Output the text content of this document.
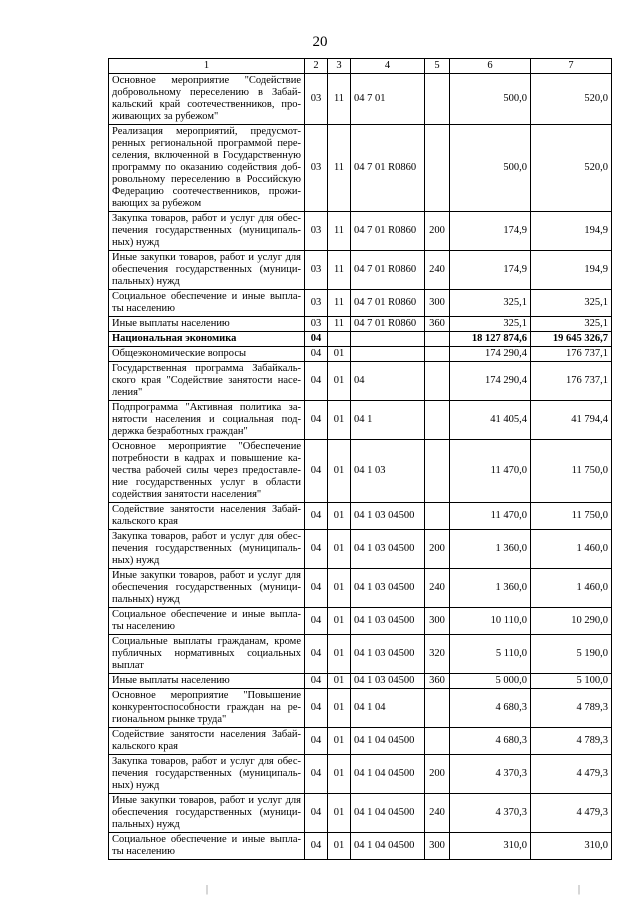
20
1	2	3	4	5	6	7
Основное мероприятие "Содействие добровольному переселению в Забай-кальский край соотечественников, про-живающих за рубежом"	03	11	04 7 01		500,0	520,0
Реализация мероприятий, предусмот-ренных региональной программой пере-селения, включенной в Государственную программу по оказанию содействия доб-ровольному переселению в Российскую Федерацию соотечественников, прожи-вающих за рубежом	03	11	04 7 01 R0860		500,0	520,0
Закупка товаров, работ и услуг для обес-печения государственных (муниципаль-ных) нужд	03	11	04 7 01 R0860	200	174,9	194,9
Иные закупки товаров, работ и услуг для обеспечения государственных (муници-пальных) нужд	03	11	04 7 01 R0860	240	174,9	194,9
Социальное обеспечение и иные выпла-ты населению	03	11	04 7 01 R0860	300	325,1	325,1
Иные выплаты населению	03	11	04 7 01 R0860	360	325,1	325,1
Национальная экономика	04				18 127 874,6	19 645 326,7
Общеэкономические вопросы	04	01			174 290,4	176 737,1
Государственная программа Забайкаль-ского края "Содействие занятости насе-ления"	04	01	04		174 290,4	176 737,1
Подпрограмма "Активная политика за-нятости населения и социальная под-держка безработных граждан"	04	01	04 1		41 405,4	41 794,4
Основное мероприятие "Обеспечение потребности в кадрах и повышение ка-чества рабочей силы через предоставле-ние государственных услуг в области содействия занятости населения"	04	01	04 1 03		11 470,0	11 750,0
Содействие занятости населения Забай-кальского края	04	01	04 1 03 04500		11 470,0	11 750,0
Закупка товаров, работ и услуг для обес-печения государственных (муниципаль-ных) нужд	04	01	04 1 03 04500	200	1 360,0	1 460,0
Иные закупки товаров, работ и услуг для обеспечения государственных (муници-пальных) нужд	04	01	04 1 03 04500	240	1 360,0	1 460,0
Социальное обеспечение и иные выпла-ты населению	04	01	04 1 03 04500	300	10 110,0	10 290,0
Социальные выплаты гражданам, кроме публичных нормативных социальных выплат	04	01	04 1 03 04500	320	5 110,0	5 190,0
Иные выплаты населению	04	01	04 1 03 04500	360	5 000,0	5 100,0
Основное мероприятие "Повышение конкурентоспособности граждан на ре-гиональном рынке труда"	04	01	04 1 04		4 680,3	4 789,3
Содействие занятости населения Забай-кальского края	04	01	04 1 04 04500		4 680,3	4 789,3
Закупка товаров, работ и услуг для обес-печения государственных (муниципаль-ных) нужд	04	01	04 1 04 04500	200	4 370,3	4 479,3
Иные закупки товаров, работ и услуг для обеспечения государственных (муници-пальных) нужд	04	01	04 1 04 04500	240	4 370,3	4 479,3
Социальное обеспечение и иные выпла-ты населению	04	01	04 1 04 04500	300	310,0	310,0
|	|
